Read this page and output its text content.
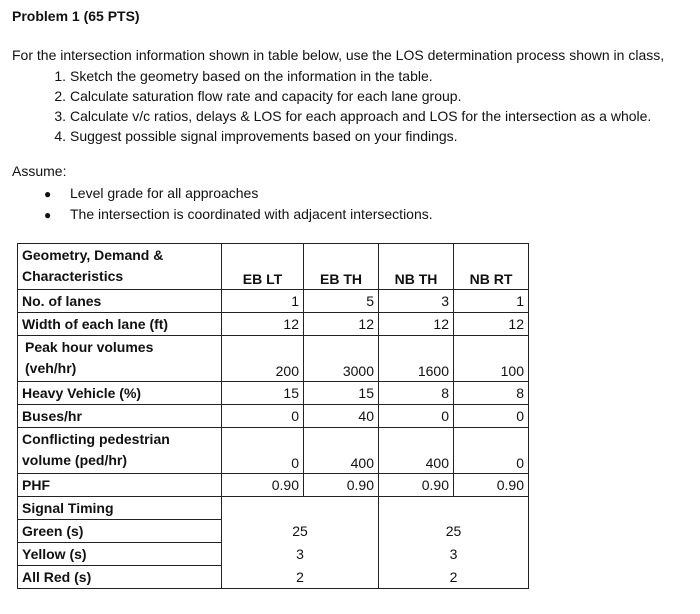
Problem 1 (65 PTS)
For the intersection information shown in table below, use the LOS determination process shown in class,
1. Sketch the geometry based on the information in the table.
2. Calculate saturation flow rate and capacity for each lane group.
3. Calculate v/c ratios, delays & LOS for each approach and LOS for the intersection as a whole.
4. Suggest possible signal improvements based on your findings.
Assume:
● Level grade for all approaches
● The intersection is coordinated with adjacent intersections.
Geometry, Demand &
Characteristics	EB LT	EB TH	NB TH	NB RT
No. of lanes	1	5	3	1
Width of each lane (ft)	12	12	12	12

Peak hour volumes
(veh/hr)	200	3000	1600	100
Heavy Vehicle (%)	15	15	8	8
Buses/hr	0	40	0	0

Conflicting pedestrian
volume (ped/hr)	0	400	400	0
PHF	0.90	0.90	0.90	0.90
Signal Timing				
Green (s)	25		25	
Yellow (s)	3		3	
All Red (s)	2		2	
